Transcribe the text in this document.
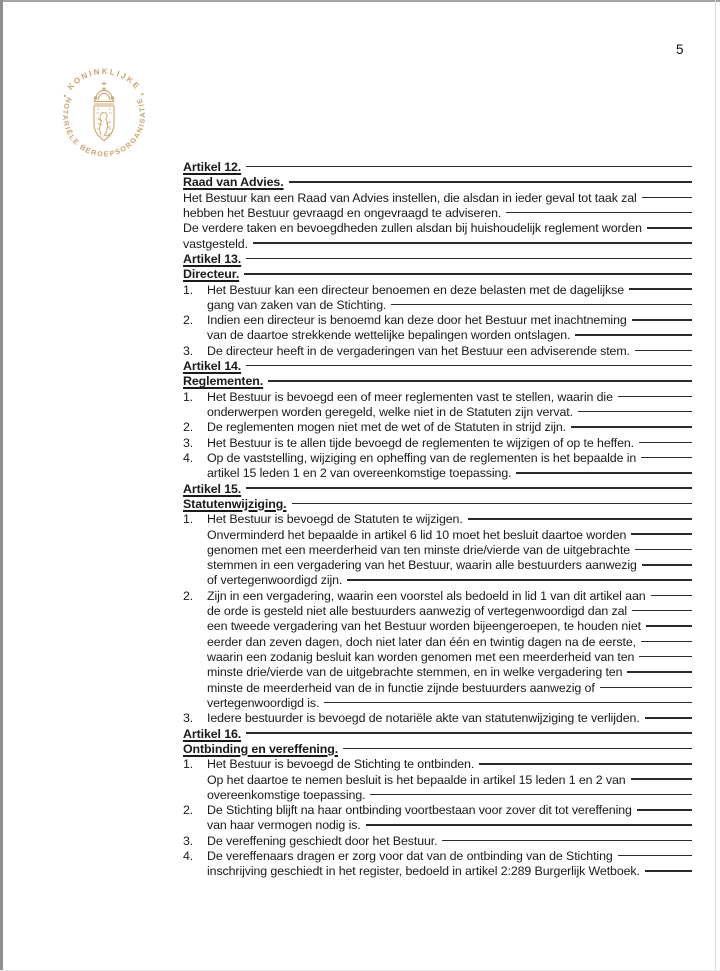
5
• KONINKLIJKE •
NOTARIËLE BEROEPSORGANISATIE
Artikel 12.
Raad van Advies.
Het Bestuur kan een Raad van Advies instellen, die alsdan in ieder geval tot taak zal
hebben het Bestuur gevraagd en ongevraagd te adviseren.
De verdere taken en bevoegdheden zullen alsdan bij huishoudelijk reglement worden
vastgesteld.
Artikel 13.
Directeur.
1.	Het Bestuur kan een directeur benoemen en deze belasten met de dagelijkse
gang van zaken van de Stichting.
2.	Indien een directeur is benoemd kan deze door het Bestuur met inachtneming
van de daartoe strekkende wettelijke bepalingen worden ontslagen.
3.	De directeur heeft in de vergaderingen van het Bestuur een adviserende stem.
Artikel 14.
Reglementen.
1.	Het Bestuur is bevoegd een of meer reglementen vast te stellen, waarin die
onderwerpen worden geregeld, welke niet in de Statuten zijn vervat.
2.	De reglementen mogen niet met de wet of de Statuten in strijd zijn.
3.	Het Bestuur is te allen tijde bevoegd de reglementen te wijzigen of op te heffen.
4.	Op de vaststelling, wijziging en opheffing van de reglementen is het bepaalde in
artikel 15 leden 1 en 2 van overeenkomstige toepassing.
Artikel 15.
Statutenwijziging.
1.	Het Bestuur is bevoegd de Statuten te wijzigen.
Onverminderd het bepaalde in artikel 6 lid 10 moet het besluit daartoe worden
genomen met een meerderheid van ten minste drie/vierde van de uitgebrachte
stemmen in een vergadering van het Bestuur, waarin alle bestuurders aanwezig
of vertegenwoordigd zijn.
2.	Zijn in een vergadering, waarin een voorstel als bedoeld in lid 1 van dit artikel aan
de orde is gesteld niet alle bestuurders aanwezig of vertegenwoordigd dan zal
een tweede vergadering van het Bestuur worden bijeengeroepen, te houden niet
eerder dan zeven dagen, doch niet later dan één en twintig dagen na de eerste,
waarin een zodanig besluit kan worden genomen met een meerderheid van ten
minste drie/vierde van de uitgebrachte stemmen, en in welke vergadering ten
minste de meerderheid van de in functie zijnde bestuurders aanwezig of
vertegenwoordigd is.
3.	Iedere bestuurder is bevoegd de notariële akte van statutenwijziging te verlijden.
Artikel 16.
Ontbinding en vereffening.
1.	Het Bestuur is bevoegd de Stichting te ontbinden.
Op het daartoe te nemen besluit is het bepaalde in artikel 15 leden 1 en 2 van
overeenkomstige toepassing.
2.	De Stichting blijft na haar ontbinding voortbestaan voor zover dit tot vereffening
van haar vermogen nodig is.
3.	De vereffening geschiedt door het Bestuur.
4.	De vereffenaars dragen er zorg voor dat van de ontbinding van de Stichting
inschrijving geschiedt in het register, bedoeld in artikel 2:289 Burgerlijk Wetboek.
